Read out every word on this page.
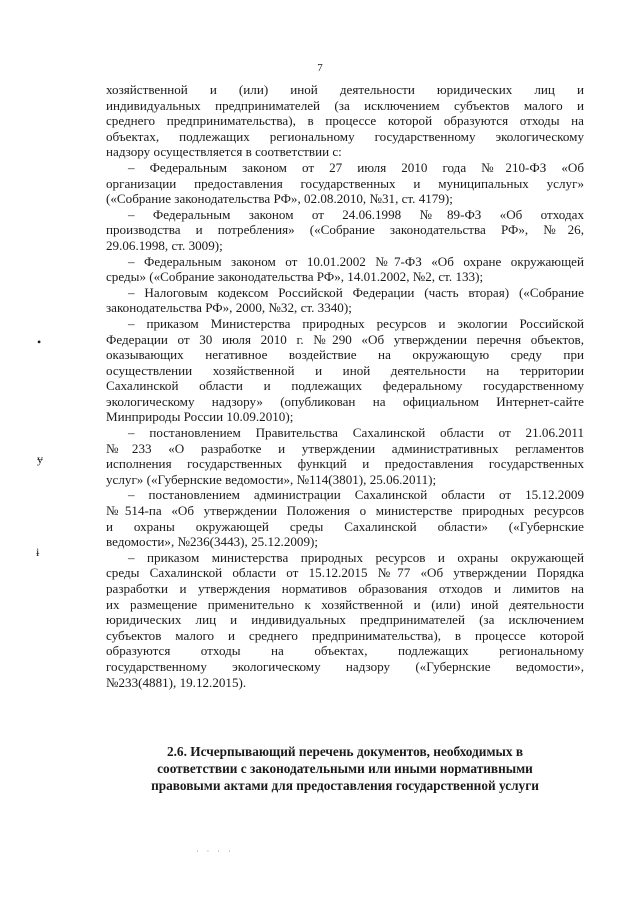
7
хозяйственной и (или) иной деятельности юридических лиц и
индивидуальных предпринимателей (за исключением субъектов малого и
среднего предпринимательства), в процессе которой образуются отходы на
объектах, подлежащих региональному государственному экологическому
надзору осуществляется в соответствии с:
– Федеральным законом от 27 июля 2010 года №210-ФЗ «Об
организации предоставления государственных и муниципальных услуг»
(«Собрание законодательства РФ», 02.08.2010, №31, ст. 4179);
– Федеральным законом от 24.06.1998 №89-ФЗ «Об отходах
производства и потребления» («Собрание законодательства РФ», №26,
29.06.1998, ст. 3009);
– Федеральным законом от 10.01.2002 №7-ФЗ «Об охране окружающей
среды» («Собрание законодательства РФ», 14.01.2002, №2, ст. 133);
– Налоговым кодексом Российской Федерации (часть вторая) («Собрание
законодательства РФ», 2000, №32, ст. 3340);
– приказом Министерства природных ресурсов и экологии Российской
Федерации от 30 июля 2010 г. №290 «Об утверждении перечня объектов,
оказывающих негативное воздействие на окружающую среду при
осуществлении хозяйственной и иной деятельности на территории
Сахалинской области и подлежащих федеральному государственному
экологическому надзору» (опубликован на официальном Интернет-сайте
Минприроды России 10.09.2010);
– постановлением Правительства Сахалинской области от 21.06.2011
№233 «О разработке и утверждении административных регламентов
исполнения государственных функций и предоставления государственных
услуг» («Губернские ведомости», №114(3801), 25.06.2011);
– постановлением администрации Сахалинской области от 15.12.2009
№514-па «Об утверждении Положения о министерстве природных ресурсов
и охраны окружающей среды Сахалинской области» («Губернские
ведомости», №236(3443), 25.12.2009);
– приказом министерства природных ресурсов и охраны окружающей
среды Сахалинской области от 15.12.2015 №77 «Об утверждении Порядка
разработки и утверждения нормативов образования отходов и лимитов на
их размещение применительно к хозяйственной и (или) иной деятельности
юридических лиц и индивидуальных предпринимателей (за исключением
субъектов малого и среднего предпринимательства), в процессе которой
образуются отходы на объектах, подлежащих региональному
государственному экологическому надзору («Губернские ведомости»,
№233(4881), 19.12.2015).
•
ɏ
ɨ
2.6. Исчерпывающий перечень документов, необходимых в
соответствии с законодательными или иными нормативными
правовыми актами для предоставления государственной услуги
· · · ·
